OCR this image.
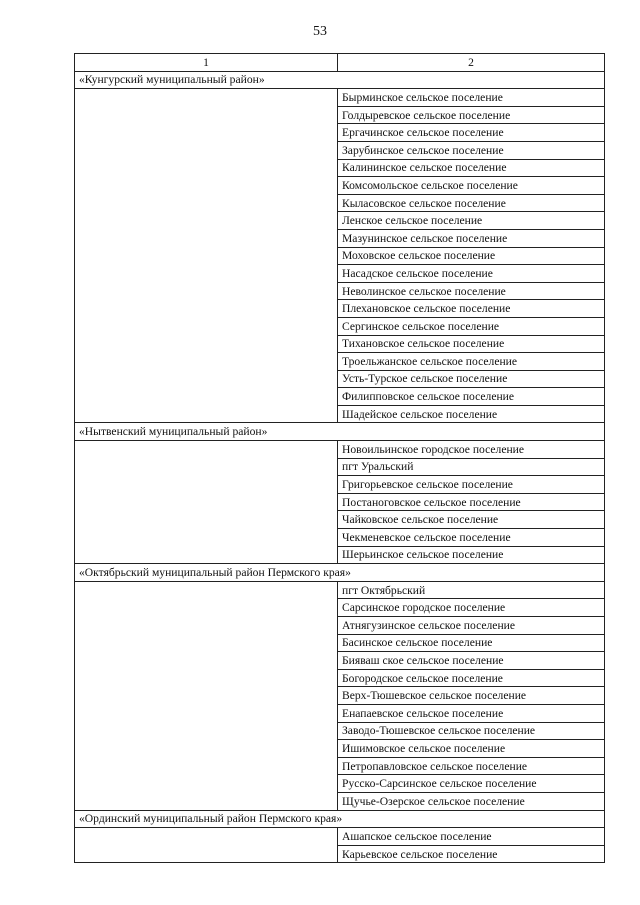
53
1	2
«Кунгурский муниципальный район»	
	Бырминское сельское поселение
	Голдыревское сельское поселение
	Ергачинское сельское поселение
	Зарубинское сельское поселение
	Калининское сельское поселение
	Комсомольское сельское поселение
	Кыласовское сельское поселение
	Ленское сельское поселение
	Мазунинское сельское поселение
	Моховское сельское поселение
	Насадское сельское поселение
	Неволинское сельское поселение
	Плехановское сельское поселение
	Сергинское сельское поселение
	Тихановское сельское поселение
	Троельжанское сельское поселение
	Усть-Турское сельское поселение
	Филипповское сельское поселение
	Шадейское сельское поселение
«Нытвенский муниципальный район»	
	Новоильинское городское поселение
	пгт Уральский
	Григорьевское сельское поселение
	Постаноговское сельское поселение
	Чайковское сельское поселение
	Чекменевское сельское поселение
	Шерьинское сельское поселение
«Октябрьский муниципальный район Пермского края»	
	пгт Октябрьский
	Сарсинское городское поселение
	Атнягузинское сельское поселение
	Басинское сельское поселение
	Бияваш ское сельское поселение
	Богородское сельское поселение
	Верх-Тюшевское сельское поселение
	Енапаевское сельское поселение
	Заводо-Тюшевское сельское поселение
	Ишимовское сельское поселение
	Петропавловское сельское поселение
	Русско-Сарсинское сельское поселение
	Щучье-Озерское сельское поселение
«Ординский муниципальный район Пермского края»	
	Ашапское сельское поселение
	Карьевское сельское поселение
